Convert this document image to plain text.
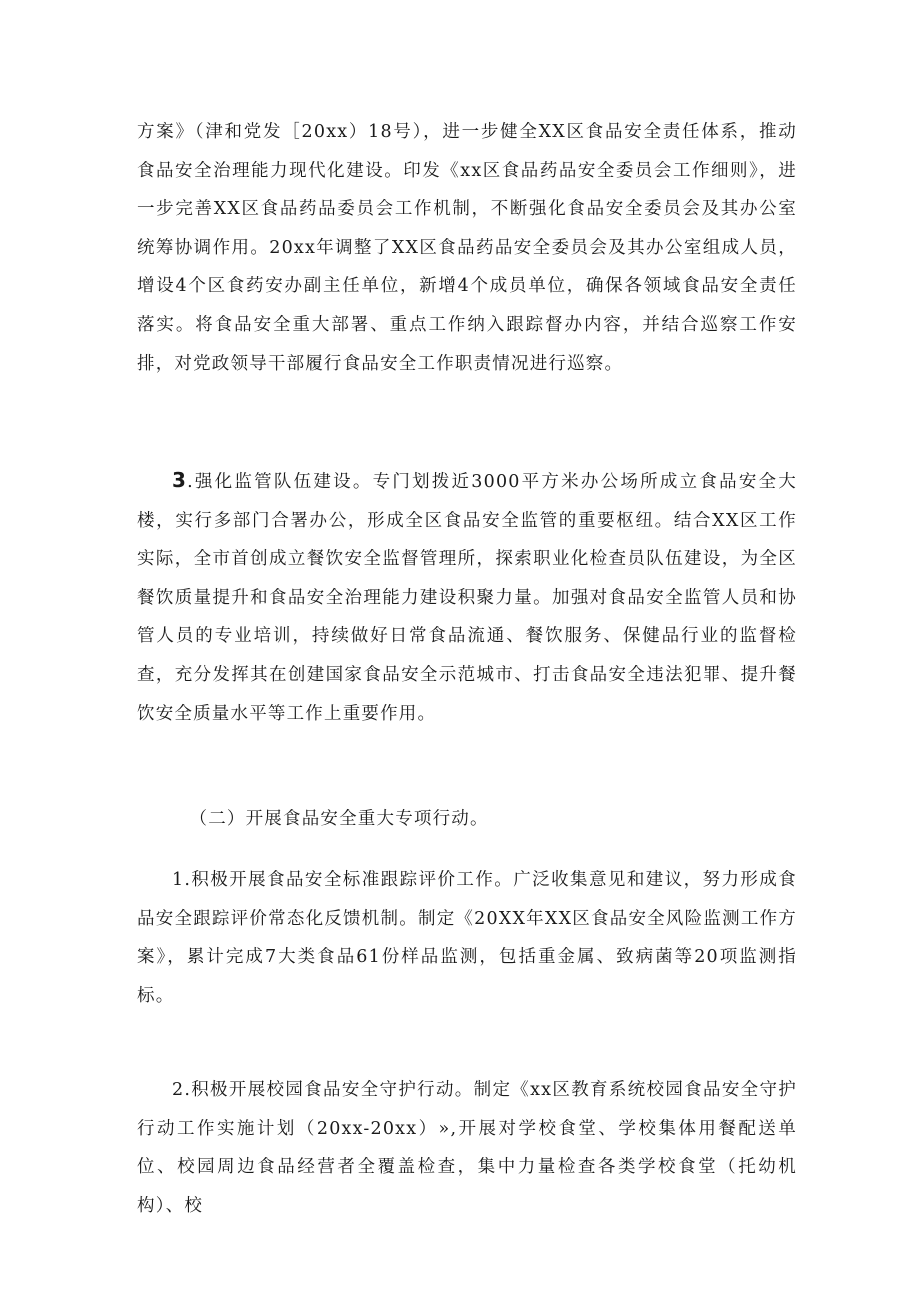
方案》（津和党发［20xx）18号），进一步健全XX区食品安全责任体系，推动食品安全治理能力现代化建设。印发《xx区食品药品安全委员会工作细则》，进一步完善XX区食品药品委员会工作机制，不断强化食品安全委员会及其办公室统筹协调作用。20xx年调整了XX区食品药品安全委员会及其办公室组成人员，增设4个区食药安办副主任单位，新增4个成员单位，确保各领域食品安全责任落实。将食品安全重大部署、重点工作纳入跟踪督办内容，并结合巡察工作安排，对党政领导干部履行食品安全工作职责情况进行巡察。

3.强化监管队伍建设。专门划拨近3000平方米办公场所成立食品安全大楼，实行多部门合署办公，形成全区食品安全监管的重要枢纽。结合XX区工作实际，全市首创成立餐饮安全监督管理所，探索职业化检查员队伍建设，为全区餐饮质量提升和食品安全治理能力建设积聚力量。加强对食品安全监管人员和协管人员的专业培训，持续做好日常食品流通、餐饮服务、保健品行业的监督检查，充分发挥其在创建国家食品安全示范城市、打击食品安全违法犯罪、提升餐饮安全质量水平等工作上重要作用。

（二）开展食品安全重大专项行动。

1.积极开展食品安全标准跟踪评价工作。广泛收集意见和建议，努力形成食品安全跟踪评价常态化反馈机制。制定《20XX年XX区食品安全风险监测工作方案》，累计完成7大类食品61份样品监测，包括重金属、致病菌等20项监测指标。

2.积极开展校园食品安全守护行动。制定《xx区教育系统校园食品安全守护行动工作实施计划（20xx-20xx）»,开展对学校食堂、学校集体用餐配送单位、校园周边食品经营者全覆盖检查，集中力量检查各类学校食堂（托幼机构）、校
